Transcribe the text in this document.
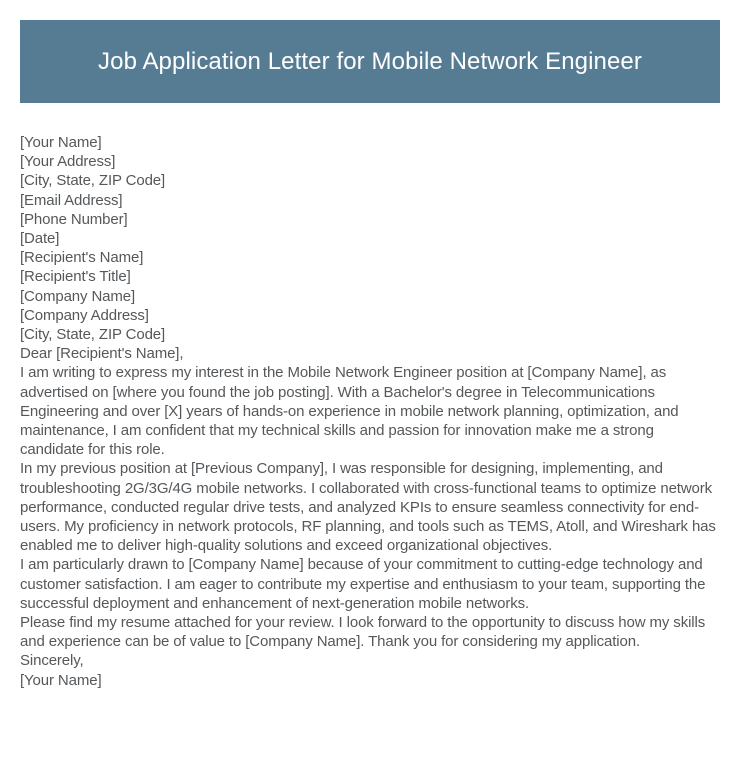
Job Application Letter for Mobile Network Engineer
[Your Name]
[Your Address]
[City, State, ZIP Code]
[Email Address]
[Phone Number]
[Date]
[Recipient's Name]
[Recipient's Title]
[Company Name]
[Company Address]
[City, State, ZIP Code]
Dear [Recipient's Name],

I am writing to express my interest in the Mobile Network Engineer position at [Company Name], as advertised on [where you found the job posting]. With a Bachelor's degree in Telecommunications Engineering and over [X] years of hands-on experience in mobile network planning, optimization, and maintenance, I am confident that my technical skills and passion for innovation make me a strong candidate for this role.

In my previous position at [Previous Company], I was responsible for designing, implementing, and troubleshooting 2G/3G/4G mobile networks. I collaborated with cross-functional teams to optimize network performance, conducted regular drive tests, and analyzed KPIs to ensure seamless connectivity for end-users. My proficiency in network protocols, RF planning, and tools such as TEMS, Atoll, and Wireshark has enabled me to deliver high-quality solutions and exceed organizational objectives.

I am particularly drawn to [Company Name] because of your commitment to cutting-edge technology and customer satisfaction. I am eager to contribute my expertise and enthusiasm to your team, supporting the successful deployment and enhancement of next-generation mobile networks.

Please find my resume attached for your review. I look forward to the opportunity to discuss how my skills and experience can be of value to [Company Name]. Thank you for considering my application.

Sincerely,
[Your Name]
